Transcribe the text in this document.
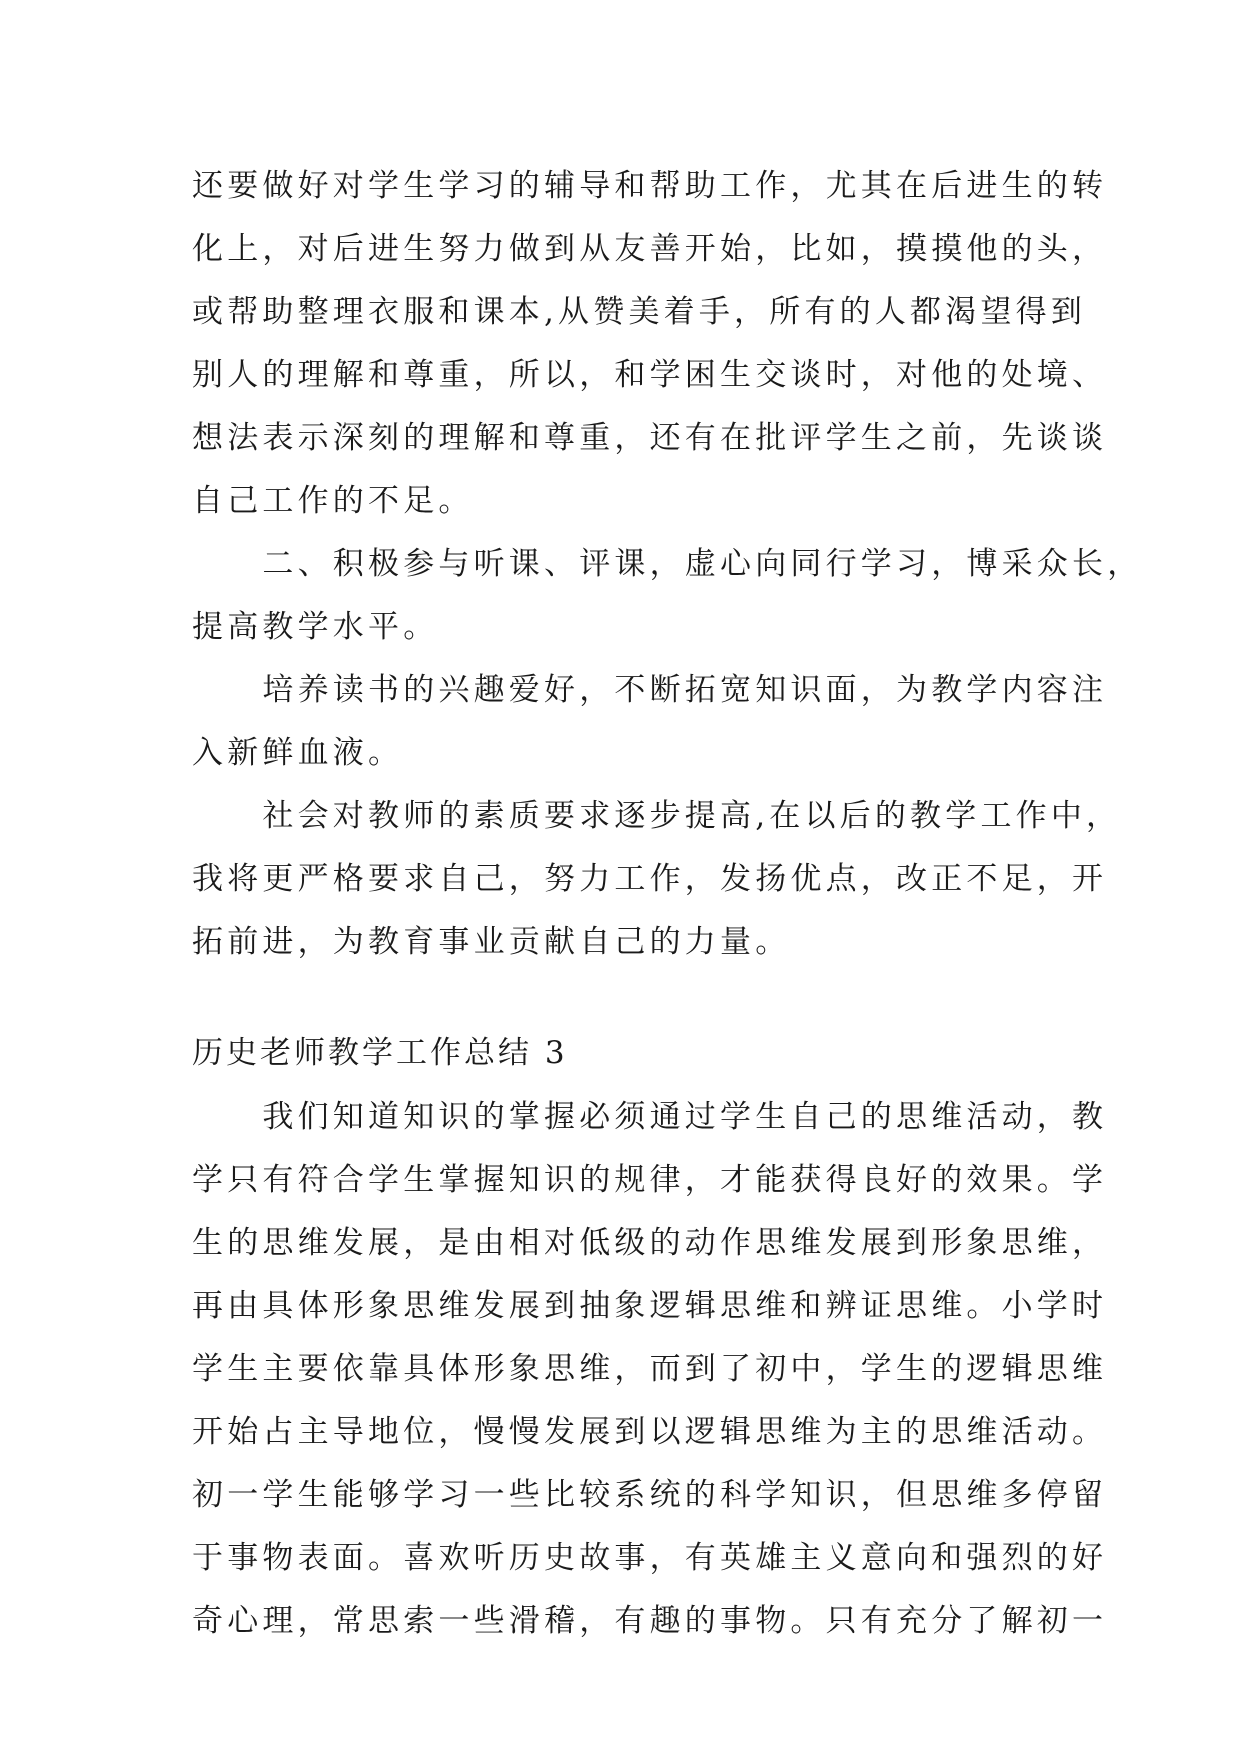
还要做好对学生学习的辅导和帮助工作，尤其在后进生的转
化上，对后进生努力做到从友善开始，比如，摸摸他的头，
或帮助整理衣服和课本,从赞美着手，所有的人都渴望得到
别人的理解和尊重，所以，和学困生交谈时，对他的处境、
想法表示深刻的理解和尊重，还有在批评学生之前，先谈谈
自己工作的不足。
　　二、积极参与听课、评课，虚心向同行学习，博采众长，
提高教学水平。
　　培养读书的兴趣爱好，不断拓宽知识面，为教学内容注
入新鲜血液。
　　社会对教师的素质要求逐步提高,在以后的教学工作中，
我将更严格要求自己，努力工作，发扬优点，改正不足，开
拓前进，为教育事业贡献自己的力量。
历史老师教学工作总结 3
　　我们知道知识的掌握必须通过学生自己的思维活动，教
学只有符合学生掌握知识的规律，才能获得良好的效果。学
生的思维发展，是由相对低级的动作思维发展到形象思维，
再由具体形象思维发展到抽象逻辑思维和辨证思维。小学时
学生主要依靠具体形象思维，而到了初中，学生的逻辑思维
开始占主导地位，慢慢发展到以逻辑思维为主的思维活动。
初一学生能够学习一些比较系统的科学知识，但思维多停留
于事物表面。喜欢听历史故事，有英雄主义意向和强烈的好
奇心理，常思索一些滑稽，有趣的事物。只有充分了解初一
